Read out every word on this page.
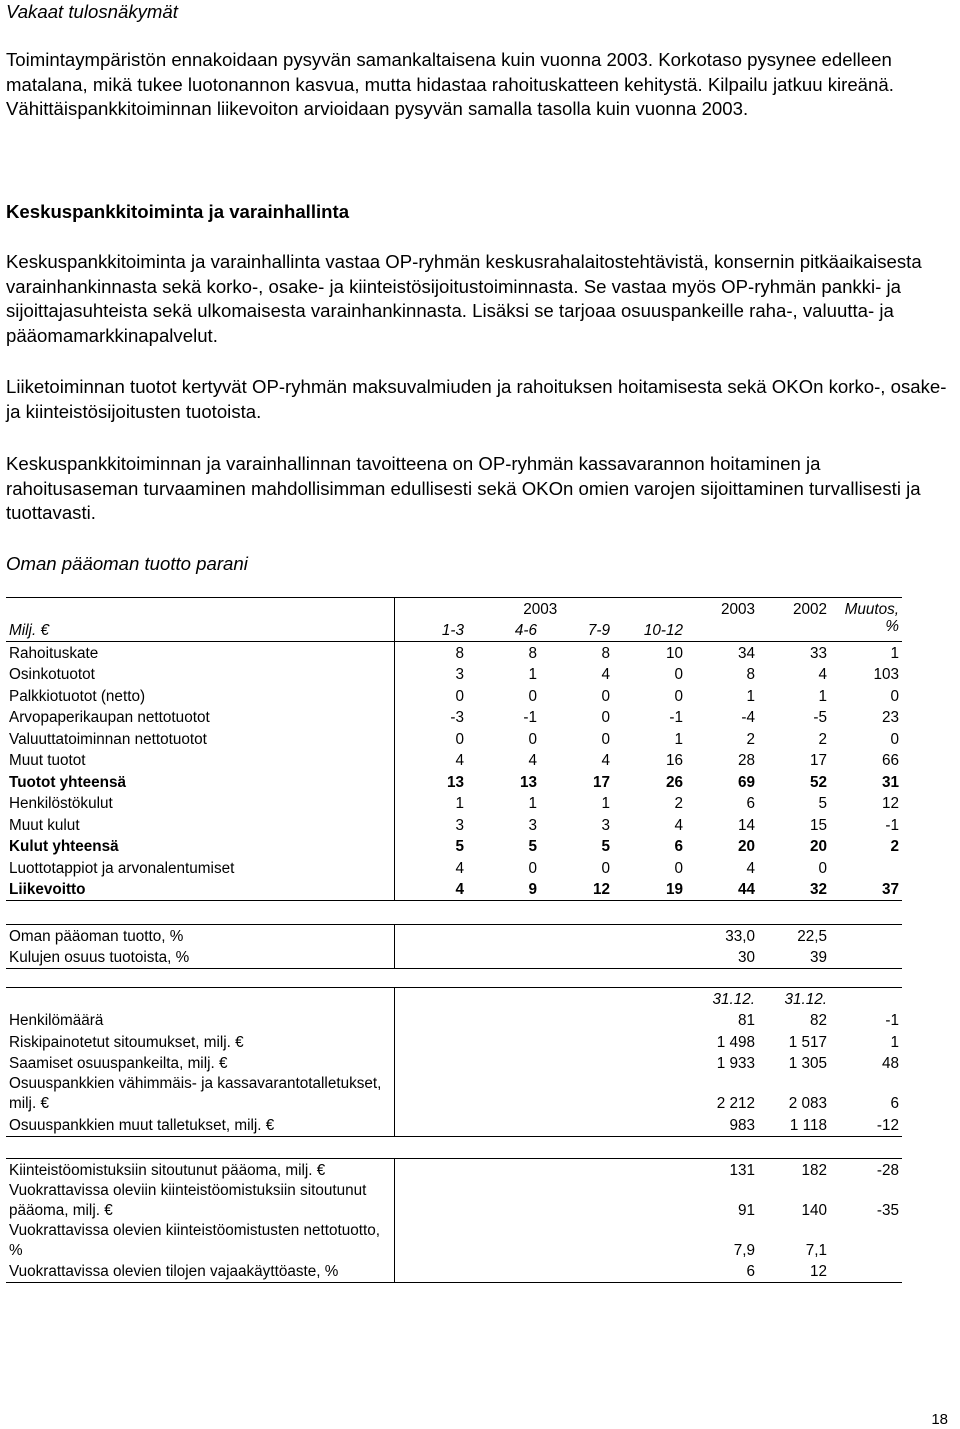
Vakaat tulosnäkymät

Toimintaympäristön ennakoidaan pysyvän samankaltaisena kuin vuonna 2003. Korkotaso pysynee edelleen matalana, mikä tukee luotonannon kasvua, mutta hidastaa rahoituskatteen kehitystä. Kilpailu jatkuu kireänä. Vähittäispankkitoiminnan liikevoiton arvioidaan pysyvän samalla tasolla kuin vuonna 2003.

Keskuspankkitoiminta ja varainhallinta

Keskuspankkitoiminta ja varainhallinta vastaa OP-ryhmän keskusrahalaitostehtävistä, konsernin pitkäaikaisesta varainhankinnasta sekä korko-, osake- ja kiinteistösijoitustoiminnasta. Se vastaa myös OP-ryhmän pankki- ja sijoittajasuhteista sekä ulkomaisesta varainhankinnasta. Lisäksi se tarjoaa osuuspankeille raha-, valuutta- ja pääomamarkkinapalvelut.

Liiketoiminnan tuotot kertyvät OP-ryhmän maksuvalmiuden ja rahoituksen hoitamisesta sekä OKOn korko-, osake- ja kiinteistösijoitusten tuotoista.

Keskuspankkitoiminnan ja varainhallinnan tavoitteena on OP-ryhmän kassavarannon hoitaminen ja rahoitusaseman turvaaminen mahdollisimman edullisesti sekä OKOn omien varojen sijoittaminen turvallisesti ja tuottavasti.

Oman pääoman tuotto parani
	2003				2003	2002	Muutos,
Milj. €	1-3	4-6	7-9	10-12			%
Rahoituskate	8	8	8	10	34	33	1
Osinkotuotot	3	1	4	0	8	4	103
Palkkiotuotot (netto)	0	0	0	0	1	1	0
Arvopaperikaupan nettotuotot	-3	-1	0	-1	-4	-5	23
Valuuttatoiminnan nettotuotot	0	0	0	1	2	2	0
Muut tuotot	4	4	4	16	28	17	66
Tuotot yhteensä	13	13	17	26	69	52	31
Henkilöstökulut	1	1	1	2	6	5	12
Muut kulut	3	3	3	4	14	15	-1
Kulut yhteensä	5	5	5	6	20	20	2
Luottotappiot ja arvonalentumiset	4	0	0	0	4	0	
Liikevoitto	4	9	12	19	44	32	37
Oman pääoman tuotto, %					33,0	22,5	
Kulujen osuus tuotoista, %					30	39	
					31.12.	31.12.	
Henkilömäärä					81	82	-1
Riskipainotetut sitoumukset, milj. €					1 498	1 517	1
Saamiset osuuspankeilta, milj. €					1 933	1 305	48
Osuuspankkien vähimmäis- ja kassavarantotalletukset, milj. €					2 212	2 083	6
Osuuspankkien muut talletukset, milj. €					983	1 118	-12
Kiinteistöomistuksiin sitoutunut pääoma, milj. €					131	182	-28
Vuokrattavissa oleviin kiinteistöomistuksiin sitoutunut pääoma, milj. €					91	140	-35
Vuokrattavissa olevien kiinteistöomistusten nettotuotto, %					7,9	7,1	
Vuokrattavissa olevien tilojen vajaakäyttöaste, %					6	12	
18
